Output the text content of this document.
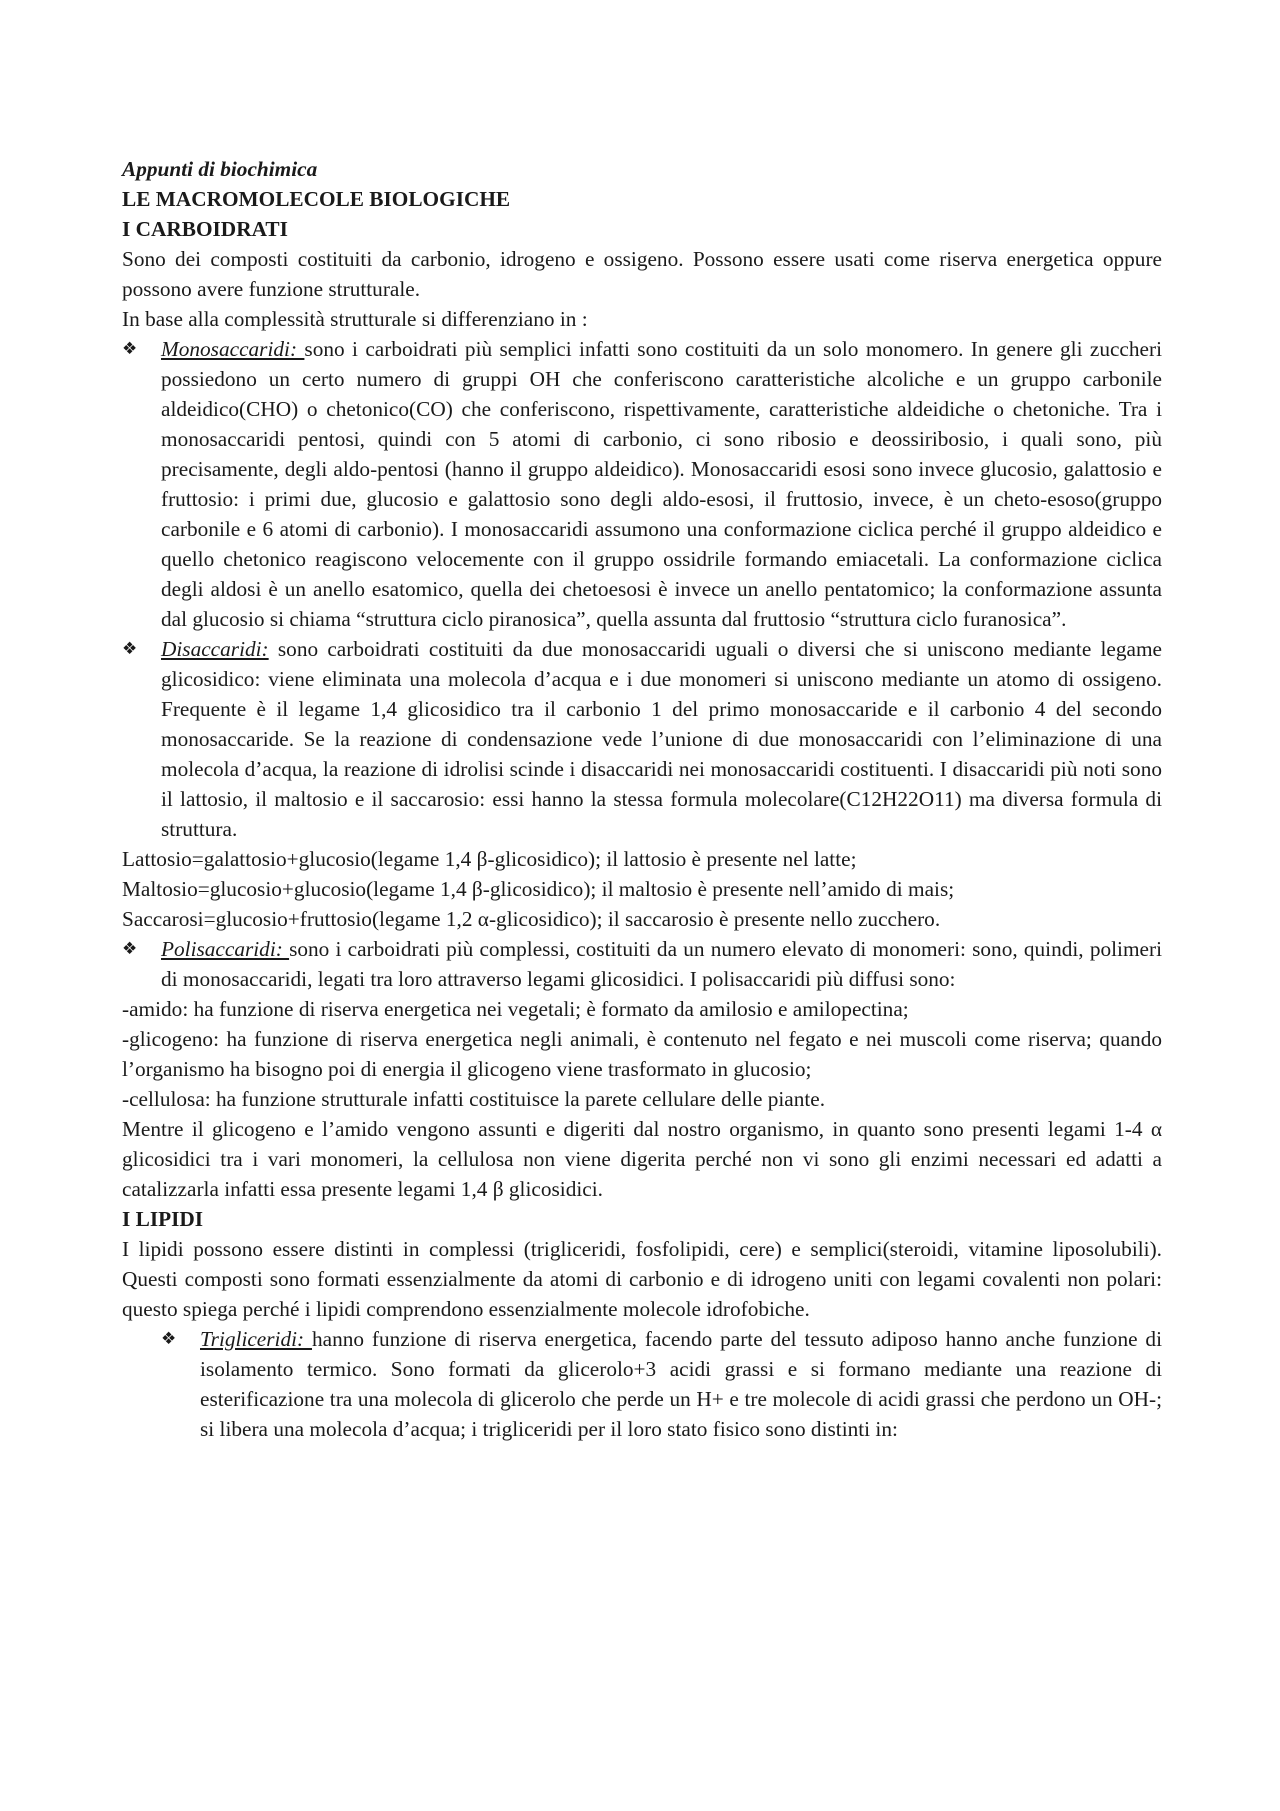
Appunti di biochimica

LE MACROMOLECOLE BIOLOGICHE

I CARBOIDRATI

Sono dei composti costituiti da carbonio, idrogeno e ossigeno. Possono essere usati come riserva energetica oppure possono avere funzione strutturale.

In base alla complessità strutturale si differenziano in :

❖	Monosaccaridi: sono i carboidrati più semplici infatti sono costituiti da un solo monomero. In genere gli zuccheri possiedono un certo numero di gruppi OH che conferiscono caratteristiche alcoliche e un gruppo carbonile aldeidico(CHO) o chetonico(CO) che conferiscono, rispettivamente, caratteristiche aldeidiche o chetoniche. Tra i monosaccaridi pentosi, quindi con 5 atomi di carbonio, ci sono ribosio e deossiribosio, i quali sono, più precisamente, degli aldo-pentosi (hanno il gruppo aldeidico). Monosaccaridi esosi sono invece glucosio, galattosio e fruttosio: i primi due, glucosio e galattosio sono degli aldo-esosi, il fruttosio, invece, è un cheto-esoso(gruppo carbonile e 6 atomi di carbonio). I monosaccaridi assumono una conformazione ciclica perché il gruppo aldeidico e quello chetonico reagiscono velocemente con il gruppo ossidrile formando emiacetali. La conformazione ciclica degli aldosi è un anello esatomico, quella dei chetoesosi è invece un anello pentatomico; la conformazione assunta dal glucosio si chiama “struttura ciclo piranosica”, quella assunta dal fruttosio “struttura ciclo furanosica”.
❖	Disaccaridi: sono carboidrati costituiti da due monosaccaridi uguali o diversi che si uniscono mediante legame glicosidico: viene eliminata una molecola d’acqua e i due monomeri si uniscono mediante un atomo di ossigeno. Frequente è il legame 1,4 glicosidico tra il carbonio 1 del primo monosaccaride e il carbonio 4 del secondo monosaccaride. Se la reazione di condensazione vede l’unione di due monosaccaridi con l’eliminazione di una molecola d’acqua, la reazione di idrolisi scinde i disaccaridi nei monosaccaridi costituenti. I disaccaridi più noti sono il lattosio, il maltosio e il saccarosio: essi hanno la stessa formula molecolare(C12H22O11) ma diversa formula di struttura.

Lattosio=galattosio+glucosio(legame 1,4 β-glicosidico); il lattosio è presente nel latte;

Maltosio=glucosio+glucosio(legame 1,4 β-glicosidico); il maltosio è presente nell’amido di mais;

Saccarosi=glucosio+fruttosio(legame 1,2 α-glicosidico); il saccarosio è presente nello zucchero.

❖	Polisaccaridi: sono i carboidrati più complessi, costituiti da un numero elevato di monomeri: sono, quindi, polimeri di monosaccaridi, legati tra loro attraverso legami glicosidici. I polisaccaridi più diffusi sono:

-amido: ha funzione di riserva energetica nei vegetali; è formato da amilosio e amilopectina;

-glicogeno: ha funzione di riserva energetica negli animali, è contenuto nel fegato e nei muscoli come riserva; quando l’organismo ha bisogno poi di energia il glicogeno viene trasformato in glucosio;

-cellulosa: ha funzione strutturale infatti costituisce la parete cellulare delle piante.

Mentre il glicogeno e l’amido vengono assunti e digeriti dal nostro organismo, in quanto sono presenti legami 1-4 α glicosidici tra i vari monomeri, la cellulosa non viene digerita perché non vi sono gli enzimi necessari ed adatti a catalizzarla infatti essa presente legami 1,4 β glicosidici.

I LIPIDI

I lipidi possono essere distinti in complessi (trigliceridi, fosfolipidi, cere) e semplici(steroidi, vitamine liposolubili). Questi composti sono formati essenzialmente da atomi di carbonio e di idrogeno uniti con legami covalenti non polari: questo spiega perché i lipidi comprendono essenzialmente molecole idrofobiche.

❖ Trigliceridi: hanno funzione di riserva energetica, facendo parte del tessuto adiposo hanno anche funzione di isolamento termico. Sono formati da glicerolo+3 acidi grassi e si formano mediante una reazione di esterificazione tra una molecola di glicerolo che perde un H+ e tre molecole di acidi grassi che perdono un OH-; si libera una molecola d’acqua; i trigliceridi per il loro stato fisico sono distinti in:
